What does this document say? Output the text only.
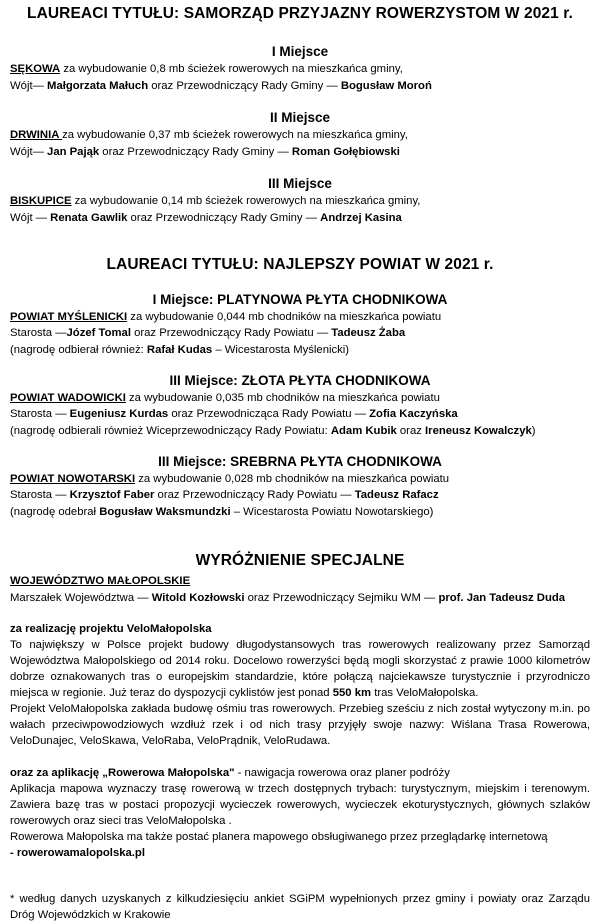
LAUREACI TYTUŁU: SAMORZĄD PRZYJAZNY ROWERZYSTOM W 2021 r.
I Miejsce
SĘKOWA za wybudowanie 0,8 mb ścieżek rowerowych na mieszkańca gminy,
Wójt— Małgorzata Małuch oraz Przewodniczący Rady Gminy — Bogusław Moroń
II Miejsce
DRWINIA za wybudowanie 0,37 mb ścieżek rowerowych na mieszkańca gminy,
Wójt— Jan Pająk oraz Przewodniczący Rady Gminy — Roman Gołębiowski
III Miejsce
BISKUPICE za wybudowanie 0,14 mb ścieżek rowerowych na mieszkańca gminy,
Wójt — Renata Gawlik oraz Przewodniczący Rady Gminy — Andrzej Kasina
LAUREACI TYTUŁU: NAJLEPSZY POWIAT W 2021 r.
I Miejsce: PLATYNOWA PŁYTA CHODNIKOWA
POWIAT MYŚLENICKI za wybudowanie 0,044 mb chodników na mieszkańca powiatu
Starosta —Józef Tomal oraz Przewodniczący Rady Powiatu — Tadeusz Żaba
(nagrodę odbierał również: Rafał Kudas – Wicestarosta Myślenicki)
III Miejsce: ZŁOTA PŁYTA CHODNIKOWA
POWIAT WADOWICKI za wybudowanie 0,035 mb chodników na mieszkańca powiatu
Starosta — Eugeniusz Kurdas oraz Przewodnicząca Rady Powiatu — Zofia Kaczyńska
(nagrodę odbierali również Wiceprzewodniczący Rady Powiatu: Adam Kubik oraz Ireneusz Kowalczyk)
III Miejsce: SREBRNA PŁYTA CHODNIKOWA
POWIAT NOWOTARSKI za wybudowanie 0,028 mb chodników na mieszkańca powiatu
Starosta — Krzysztof Faber oraz Przewodniczący Rady Powiatu — Tadeusz Rafacz
(nagrodę odebrał Bogusław Waksmundzki – Wicestarosta Powiatu Nowotarskiego)
WYRÓŻNIENIE SPECJALNE
WOJEWÓDZTWO MAŁOPOLSKIE
Marszałek Województwa — Witold Kozłowski oraz Przewodniczący Sejmiku WM — prof. Jan Tadeusz Duda
za realizację projektu VeloMałopolska
To największy w Polsce projekt budowy długodystansowych tras rowerowych realizowany przez Samorząd Województwa Małopolskiego od 2014 roku. Docelowo rowerzyści będą mogli skorzystać z prawie 1000 kilometrów dobrze oznakowanych tras o europejskim standardzie, które połączą najciekawsze turystycznie i przyrodniczo miejsca w regionie. Już teraz do dyspozycji cyklistów jest ponad 550 km tras VeloMałopolska.
Projekt VeloMałopolska zakłada budowę ośmiu tras rowerowych. Przebieg sześciu z nich został wytyczony m.in. po wałach przeciwpowodziowych wzdłuż rzek i od nich trasy przyjęły swoje nazwy: Wiślana Trasa Rowerowa, VeloDunajec, VeloSkawa, VeloRaba, VeloPrądnik, VeloRudawa.
oraz za aplikację „Rowerowa Małopolska" - nawigacja rowerowa oraz planer podróży
Aplikacja mapowa wyznaczy trasę rowerową w trzech dostępnych trybach: turystycznym, miejskim i terenowym. Zawiera bazę tras w postaci propozycji wycieczek rowerowych, wycieczek ekoturystycznych, głównych szlaków rowerowych oraz sieci tras VeloMałopolska .
Rowerowa Małopolska ma także postać planera mapowego obsługiwanego przez przeglądarkę internetową
- rowerowamalopolska.pl
* według danych uzyskanych z kilkudziesięciu ankiet SGiPM wypełnionych przez gminy i powiaty oraz Zarządu Dróg Wojewódzkich w Krakowie
